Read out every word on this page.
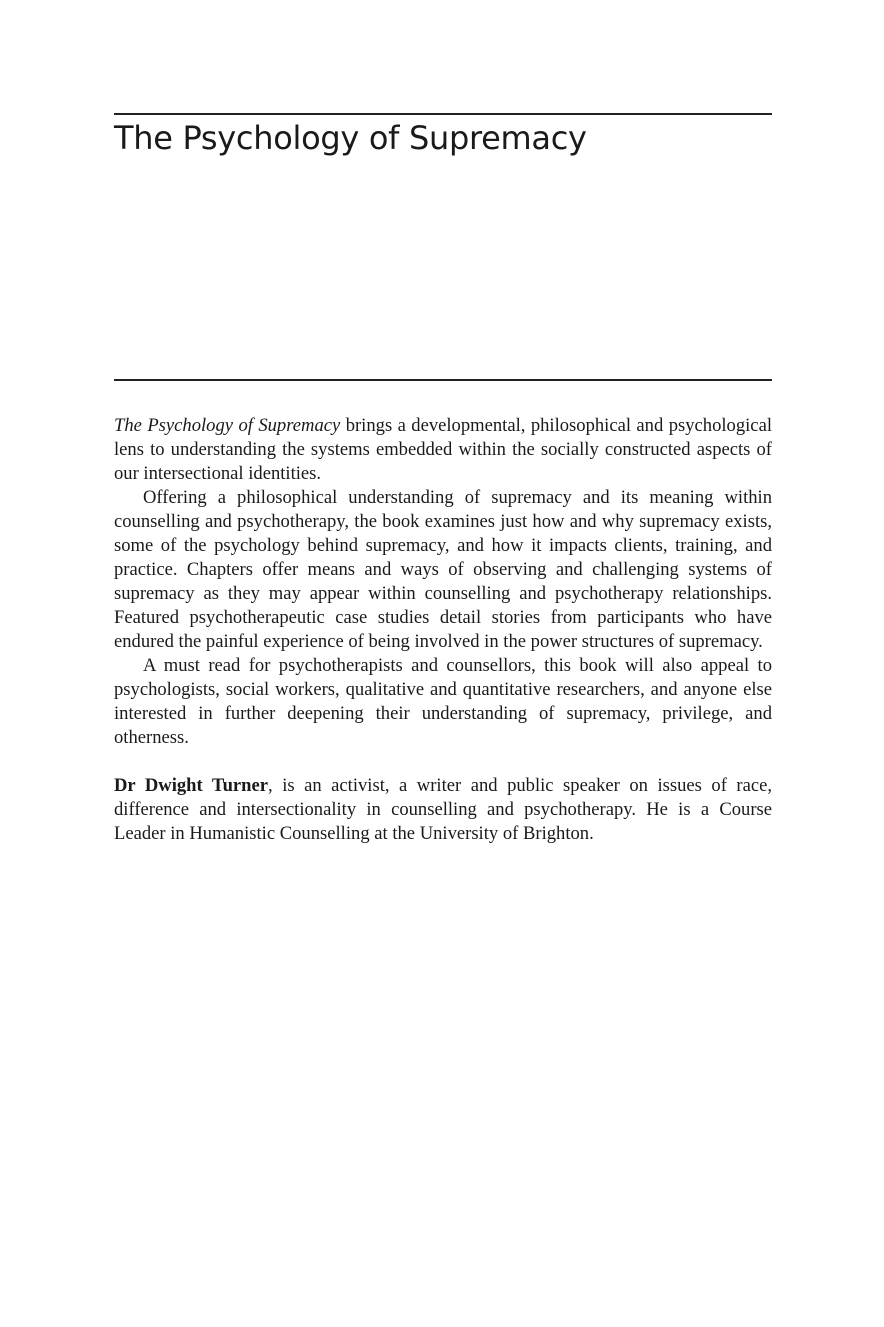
The Psychology of Supremacy

The Psychology of Supremacy brings a developmental, philosophical and psychological lens to understanding the systems embedded within the socially constructed aspects of our intersectional identities.

Offering a philosophical understanding of supremacy and its meaning within counselling and psychotherapy, the book examines just how and why supremacy exists, some of the psychology behind supremacy, and how it impacts clients, training, and practice. Chapters offer means and ways of observing and challenging systems of supremacy as they may appear within counselling and psychotherapy relationships. Featured psychotherapeutic case studies detail stories from participants who have endured the painful experience of being involved in the power structures of supremacy.

A must read for psychotherapists and counsellors, this book will also appeal to psychologists, social workers, qualitative and quantitative researchers, and anyone else interested in further deepening their understanding of supremacy, privilege, and otherness.

Dr Dwight Turner, is an activist, a writer and public speaker on issues of race, difference and intersectionality in counselling and psychotherapy. He is a Course Leader in Humanistic Counselling at the University of Brighton.
